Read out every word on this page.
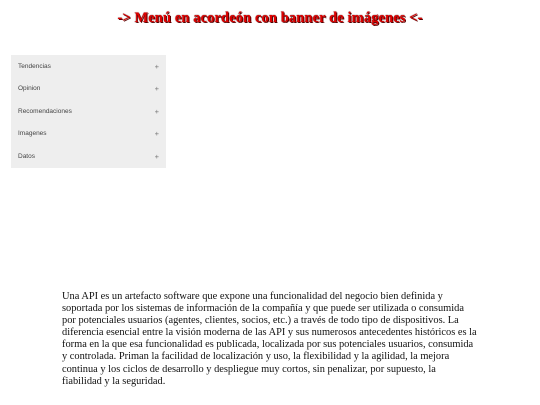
-> Menú en acordeón con banner de imágenes <-
Tendencias	+
Opinion	+
Recomendaciones	+
Imagenes	+
Datos	+

Una API es un artefacto software que expone una funcionalidad del negocio bien definida y soportada por los sistemas de información de la compañía y que puede ser utilizada o consumida por potenciales usuarios (agentes, clientes, socios, etc.) a través de todo tipo de dispositivos. La diferencia esencial entre la visión moderna de las API y sus numerosos antecedentes históricos es la forma en la que esa funcionalidad es publicada, localizada por sus potenciales usuarios, consumida y controlada. Priman la facilidad de localización y uso, la flexibilidad y la agilidad, la mejora continua y los ciclos de desarrollo y despliegue muy cortos, sin penalizar, por supuesto, la fiabilidad y la seguridad.
